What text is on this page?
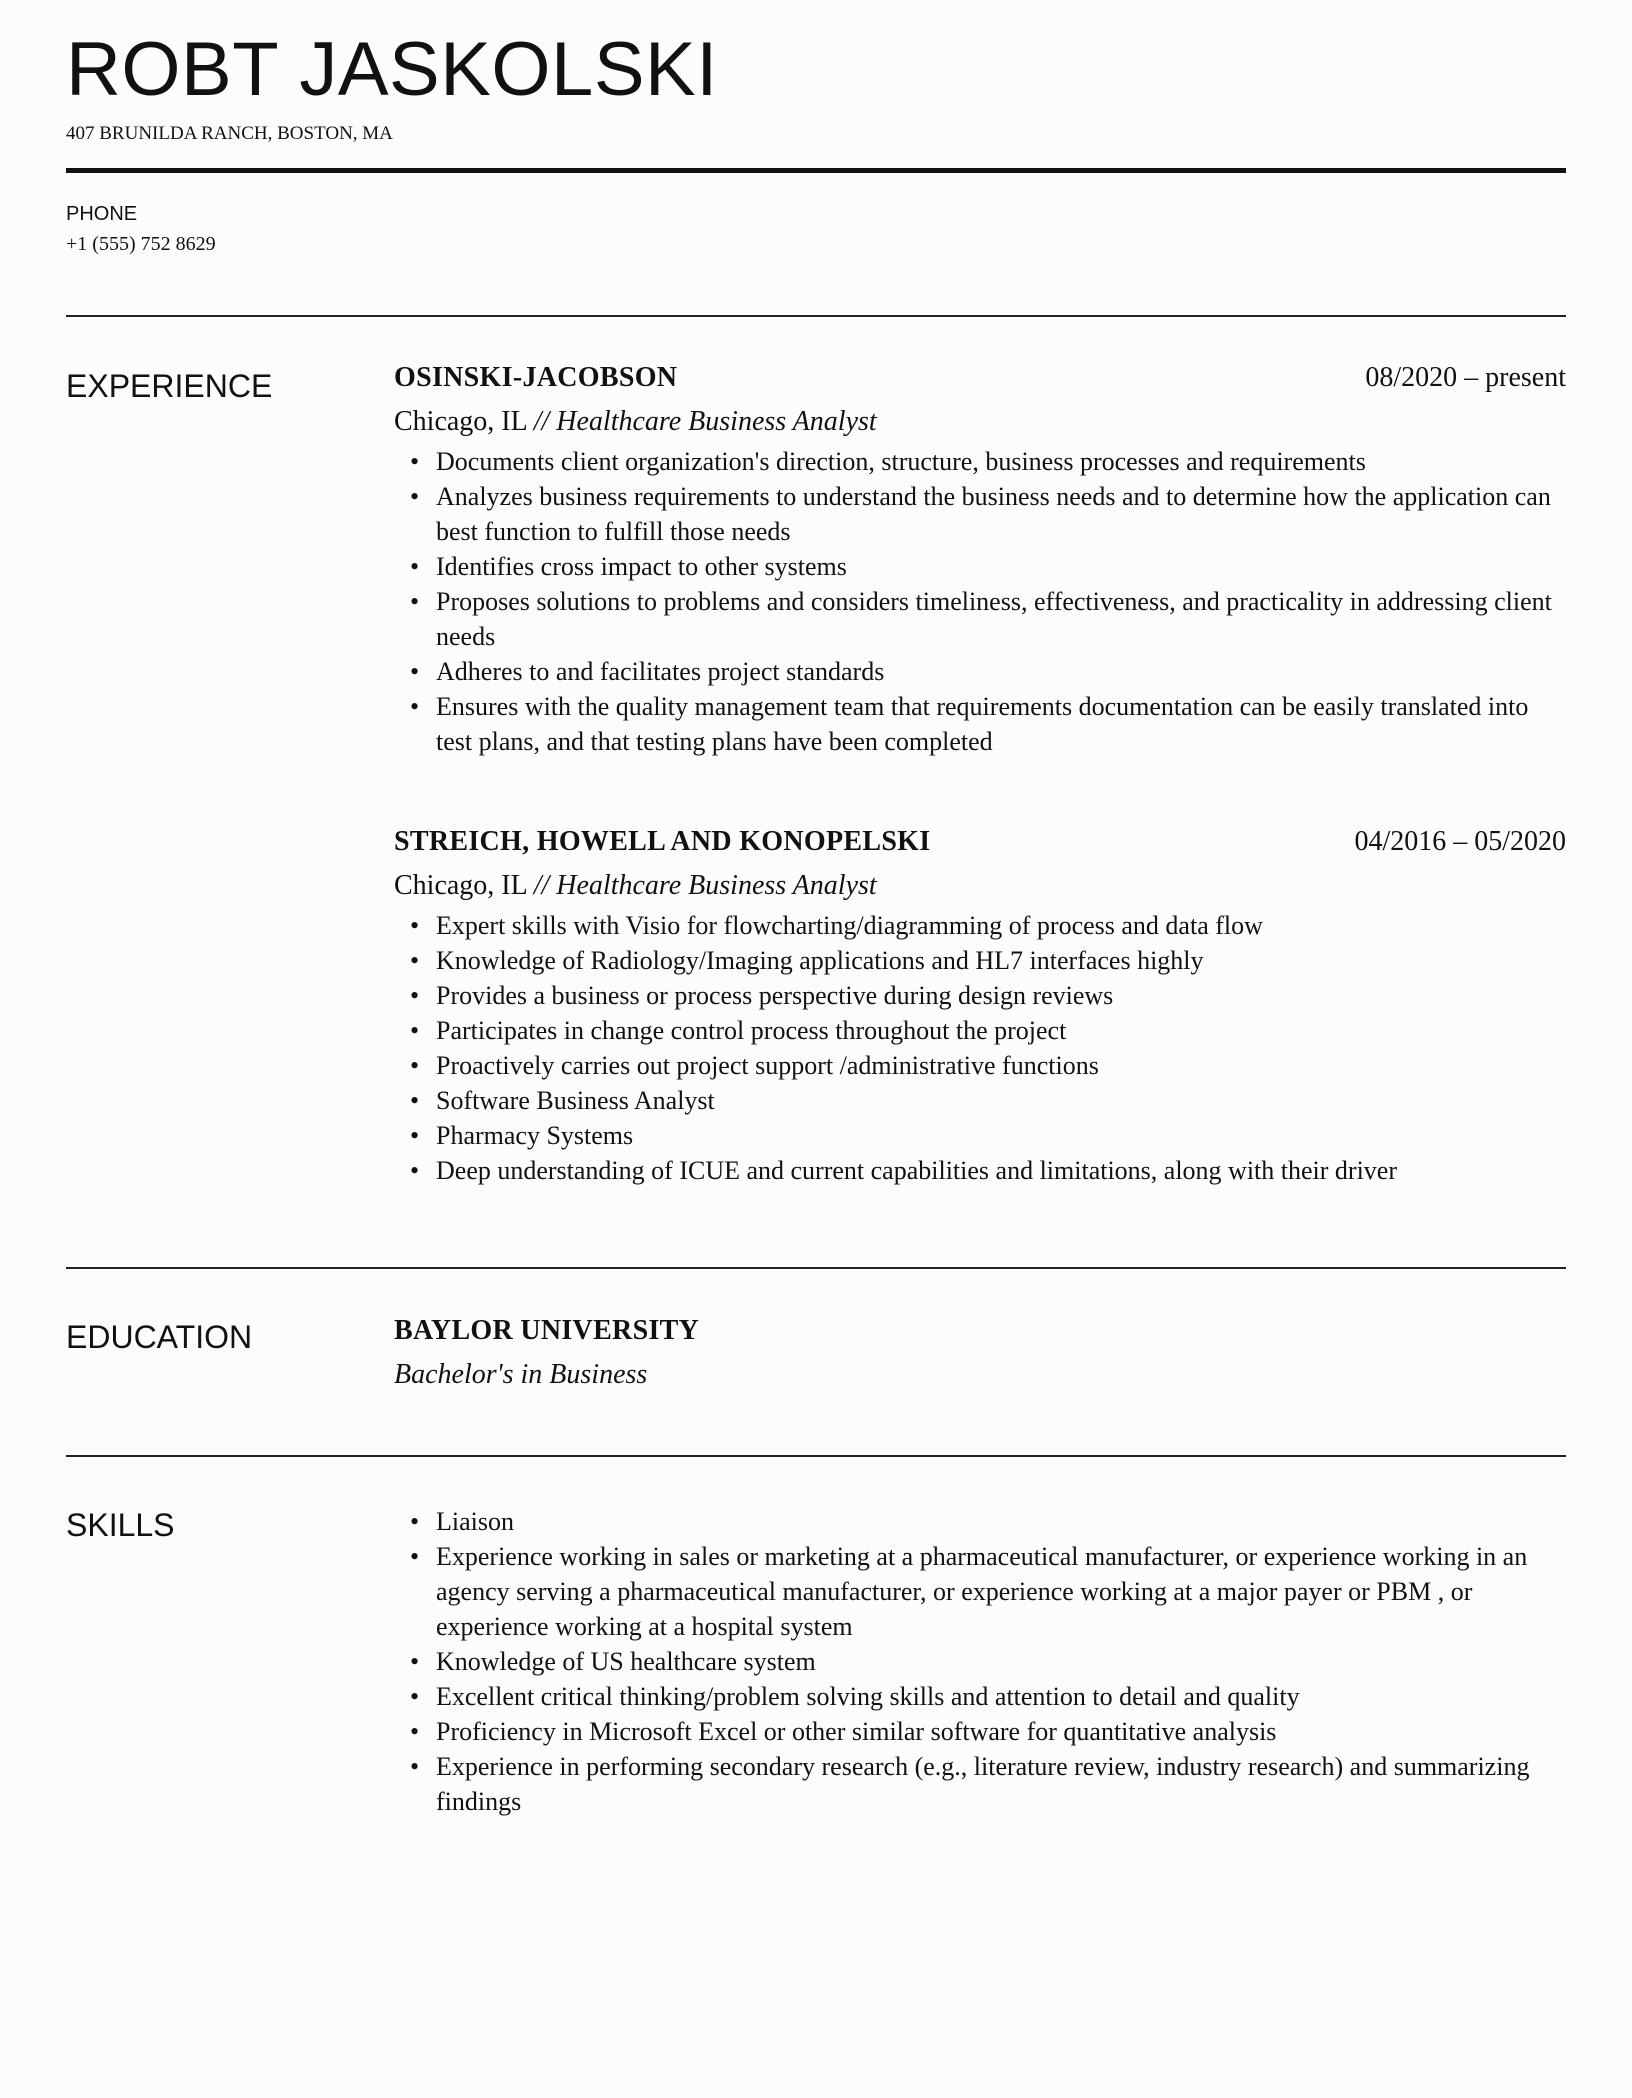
ROBT JASKOLSKI
407 BRUNILDA RANCH, BOSTON, MA
PHONE
+1 (555) 752 8629
EXPERIENCE	OSINSKI-JACOBSON	08/2020 – present
Chicago, IL // Healthcare Business Analyst
• Documents client organization's direction, structure, business processes and requirements
• Analyzes business requirements to understand the business needs and to determine how the application can best function to fulfill those needs
• Identifies cross impact to other systems
• Proposes solutions to problems and considers timeliness, effectiveness, and practicality in addressing client needs
• Adheres to and facilitates project standards
• Ensures with the quality management team that requirements documentation can be easily translated into test plans, and that testing plans have been completed
STREICH, HOWELL AND KONOPELSKI	04/2016 – 05/2020
Chicago, IL // Healthcare Business Analyst
• Expert skills with Visio for flowcharting/diagramming of process and data flow
• Knowledge of Radiology/Imaging applications and HL7 interfaces highly
• Provides a business or process perspective during design reviews
• Participates in change control process throughout the project
• Proactively carries out project support /administrative functions
• Software Business Analyst
• Pharmacy Systems
• Deep understanding of ICUE and current capabilities and limitations, along with their driver
EDUCATION	BAYLOR UNIVERSITY
Bachelor's in Business
SKILLS
•	Liaison
• Experience working in sales or marketing at a pharmaceutical manufacturer, or experience working in an agency serving a pharmaceutical manufacturer, or experience working at a major payer or PBM , or experience working at a hospital system
• Knowledge of US healthcare system
• Excellent critical thinking/problem solving skills and attention to detail and quality
• Proficiency in Microsoft Excel or other similar software for quantitative analysis
• Experience in performing secondary research (e.g., literature review, industry research) and summarizing findings
